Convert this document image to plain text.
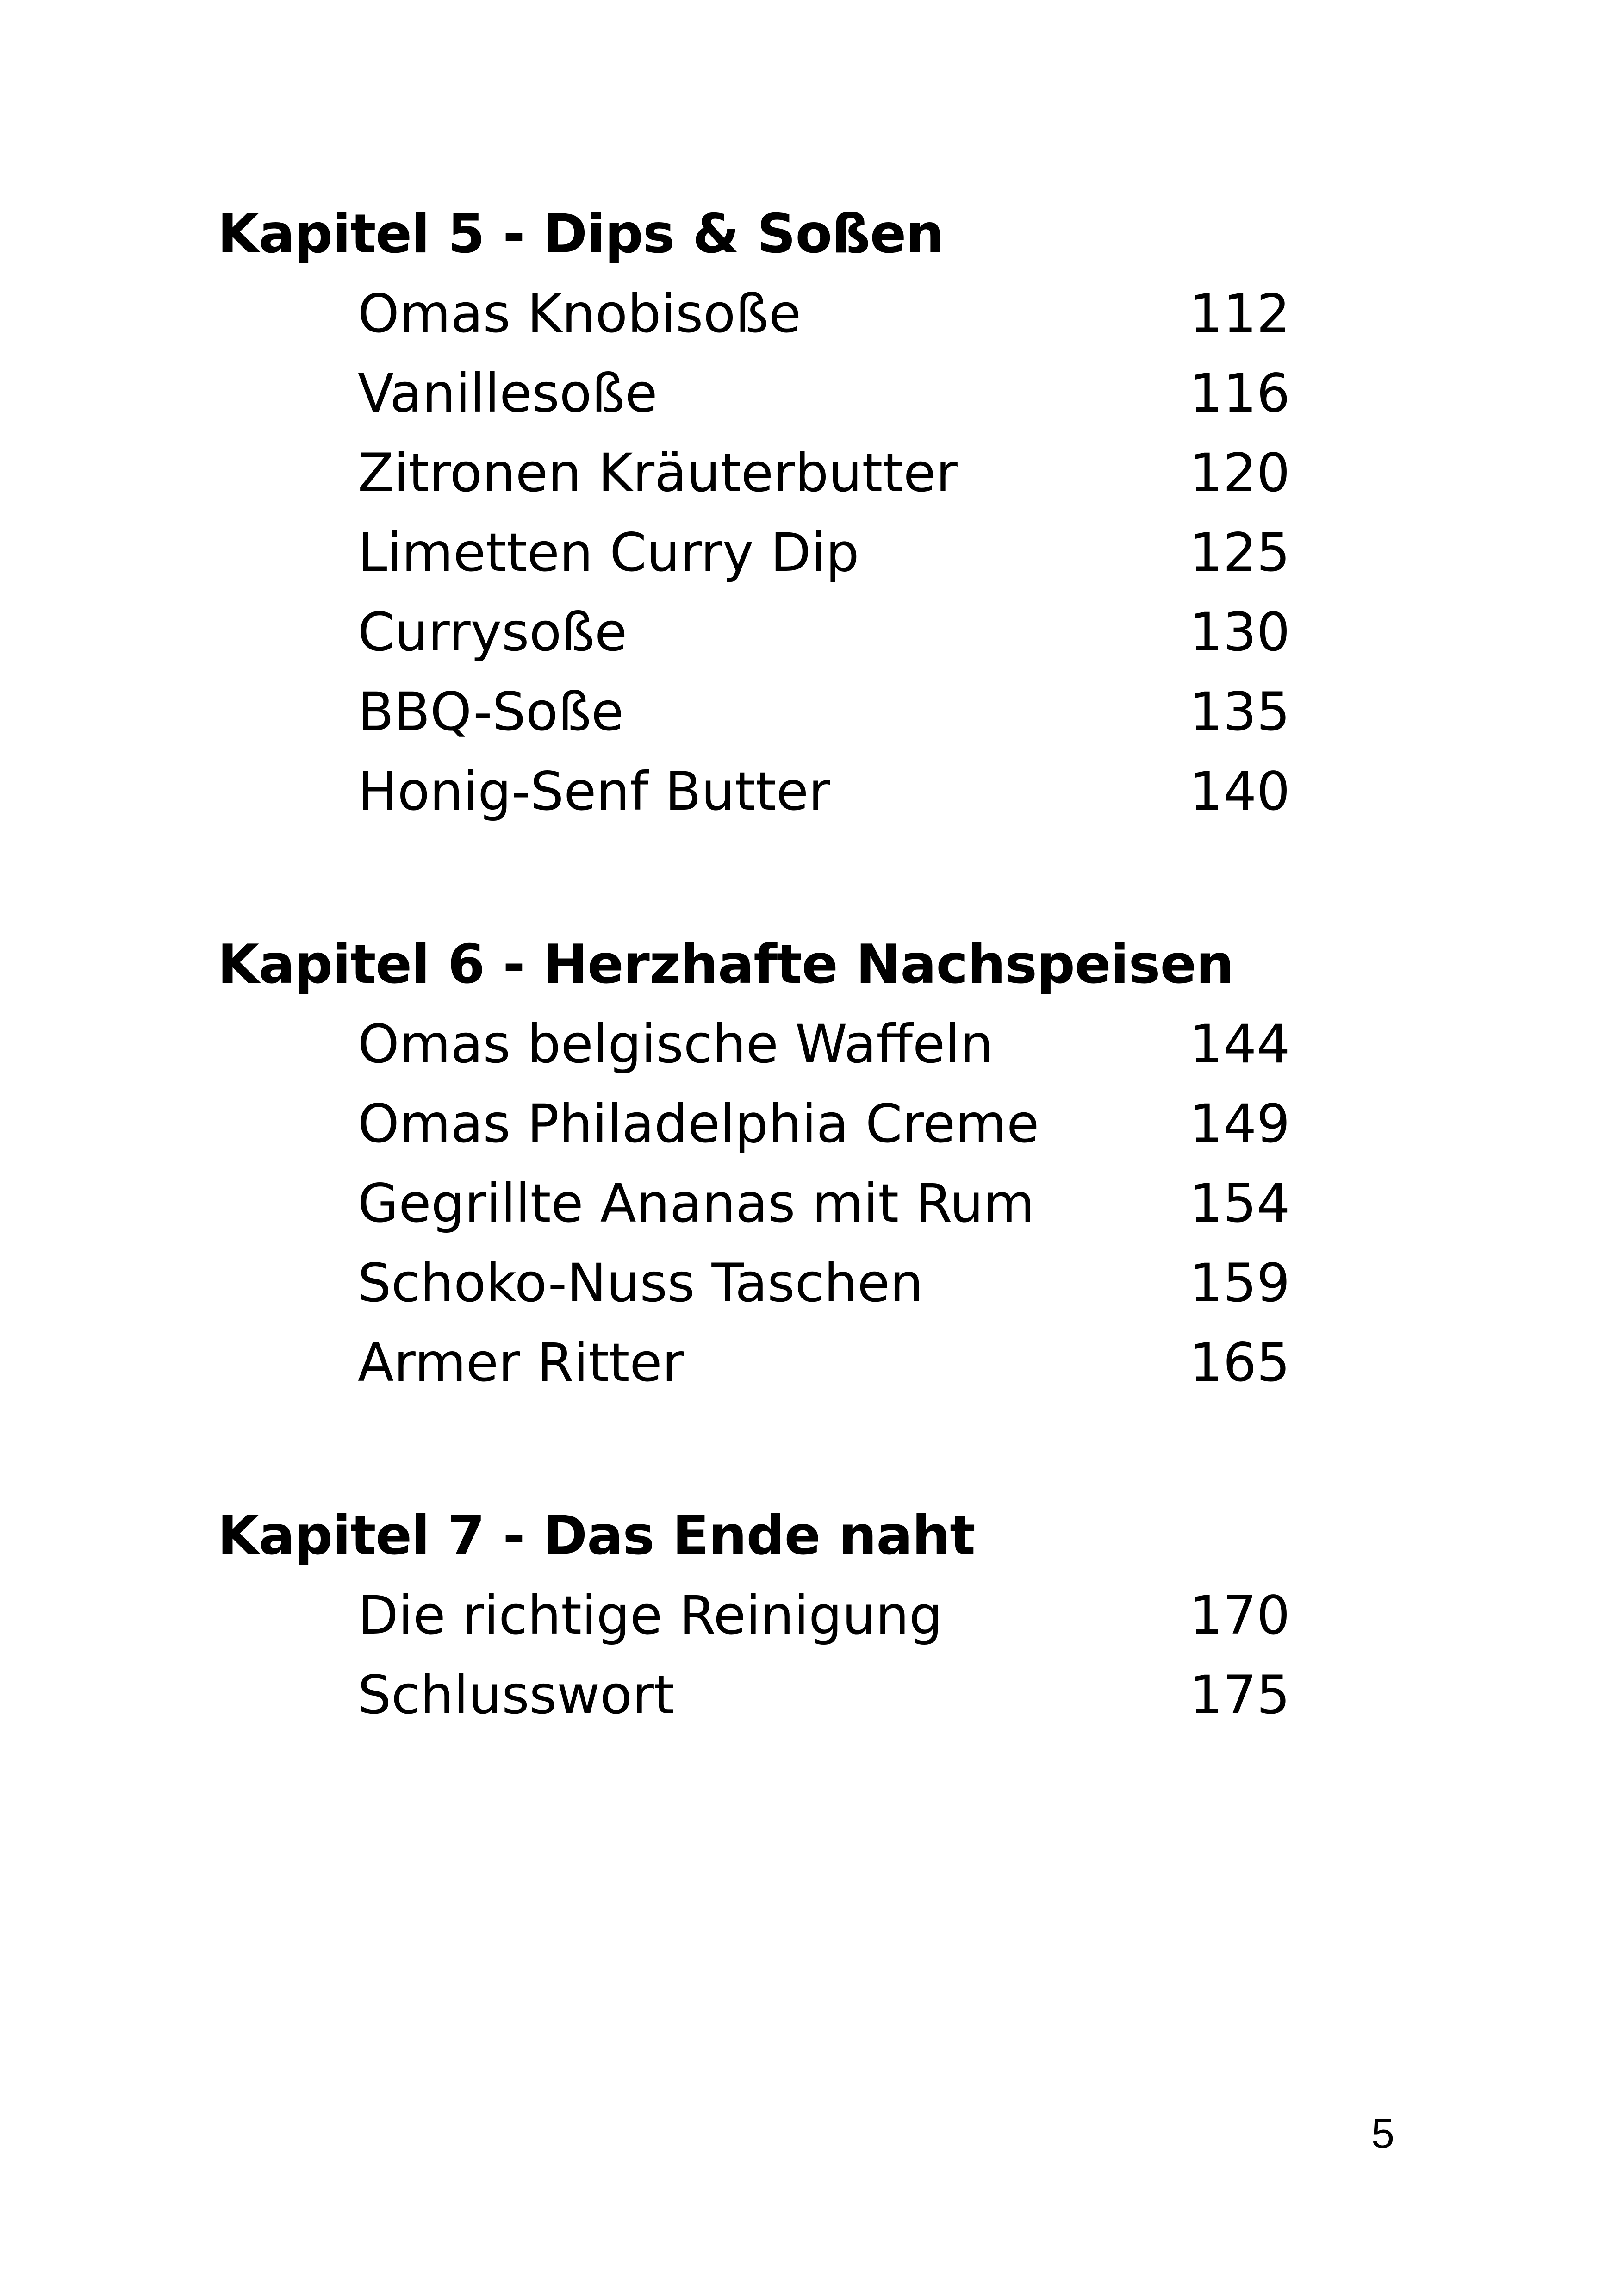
Kapitel 5 - Dips & Soßen
Omas Knobisoße	112
Vanillesoße	116
Zitronen Kräuterbutter	120
Limetten Curry Dip	125
Currysoße	130
BBQ-Soße	135
Honig-Senf Butter	140
Kapitel 6 - Herzhafte Nachspeisen
Omas belgische Waffeln	144
Omas Philadelphia Creme	149
Gegrillte Ananas mit Rum	154
Schoko-Nuss Taschen	159
Armer Ritter	165
Kapitel 7 - Das Ende naht
Die richtige Reinigung	170
Schlusswort	175
5
